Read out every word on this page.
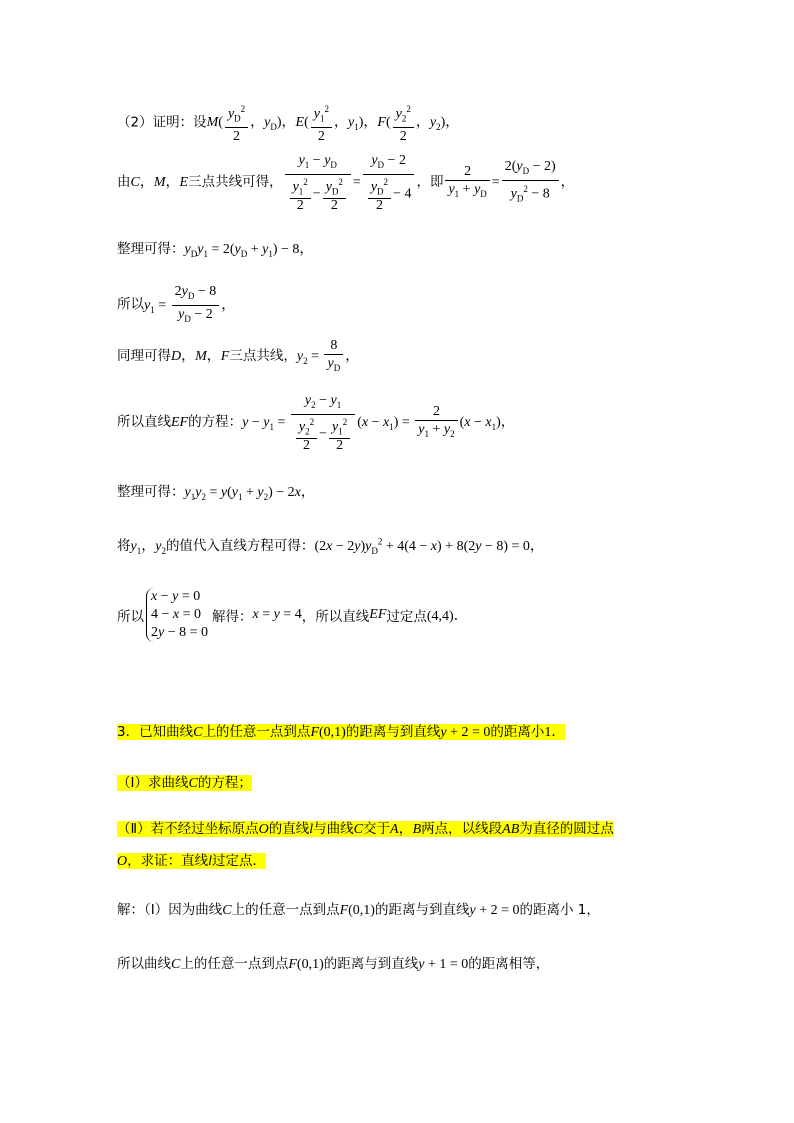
（2）证明：设$M( \frac{y_D^2}{2}$ ，$y_D$)，$E( \frac{y_1^2}{2}$ ，$y_1$)，$F( \frac{y_2^2}{2}$ ，$y_2$)，
由C，M，E三点共线可得， $\frac{y_1 - y_D}{\frac{y_1^2}{2} - \frac{y_D^2}{2}} = \frac{y_D - 2}{\frac{y_D^2}{2} - 4}$ ，即 $\frac{2}{y_1 + y_D} = \frac{2(y_D - 2)}{y_D^2 - 8}$ ，
整理可得：$y_Dy_1 = 2(y_D + y_1) - 8$，
所以$y_1 = \frac{2y_D - 8}{y_D - 2}$ ，
同理可得D，M，F三点共线，$y_2 = \frac{8}{y_D}$ ，
所以直线EF的方程：$y - y_1 = \frac{y_2 - y_1}{\frac{y_2^2}{2} - \frac{y_1^2}{2}} (x - x_1) = \frac{2}{y_1 + y_2} (x - x_1)$，
整理可得：$y_1y_2 = y(y_1 + y_2) - 2x$，
将$y_1$，$y_2$的值代入直线方程可得：$(2x - 2y)y_D^2 + 4(4 - x) + 8(2y - 8) = 0$，
所以
x − y = 0
4 − x = 0
2y − 8 = 0
解得：x = y = 4，所以直线EF过定点(4,4)．
3．已知曲线C上的任意一点到点F(0,1)的距离与到直线y + 2 = 0的距离小1．
（Ⅰ）求曲线C的方程；
（Ⅱ）若不经过坐标原点O的直线l与曲线C交于A，B两点，以线段AB为直径的圆过点
O，求证：直线l过定点．
解：（Ⅰ）因为曲线C上的任意一点到点F(0,1)的距离与到直线y + 2 = 0的距离小 1，
所以曲线C上的任意一点到点F(0,1)的距离与到直线y + 1 = 0的距离相等，
